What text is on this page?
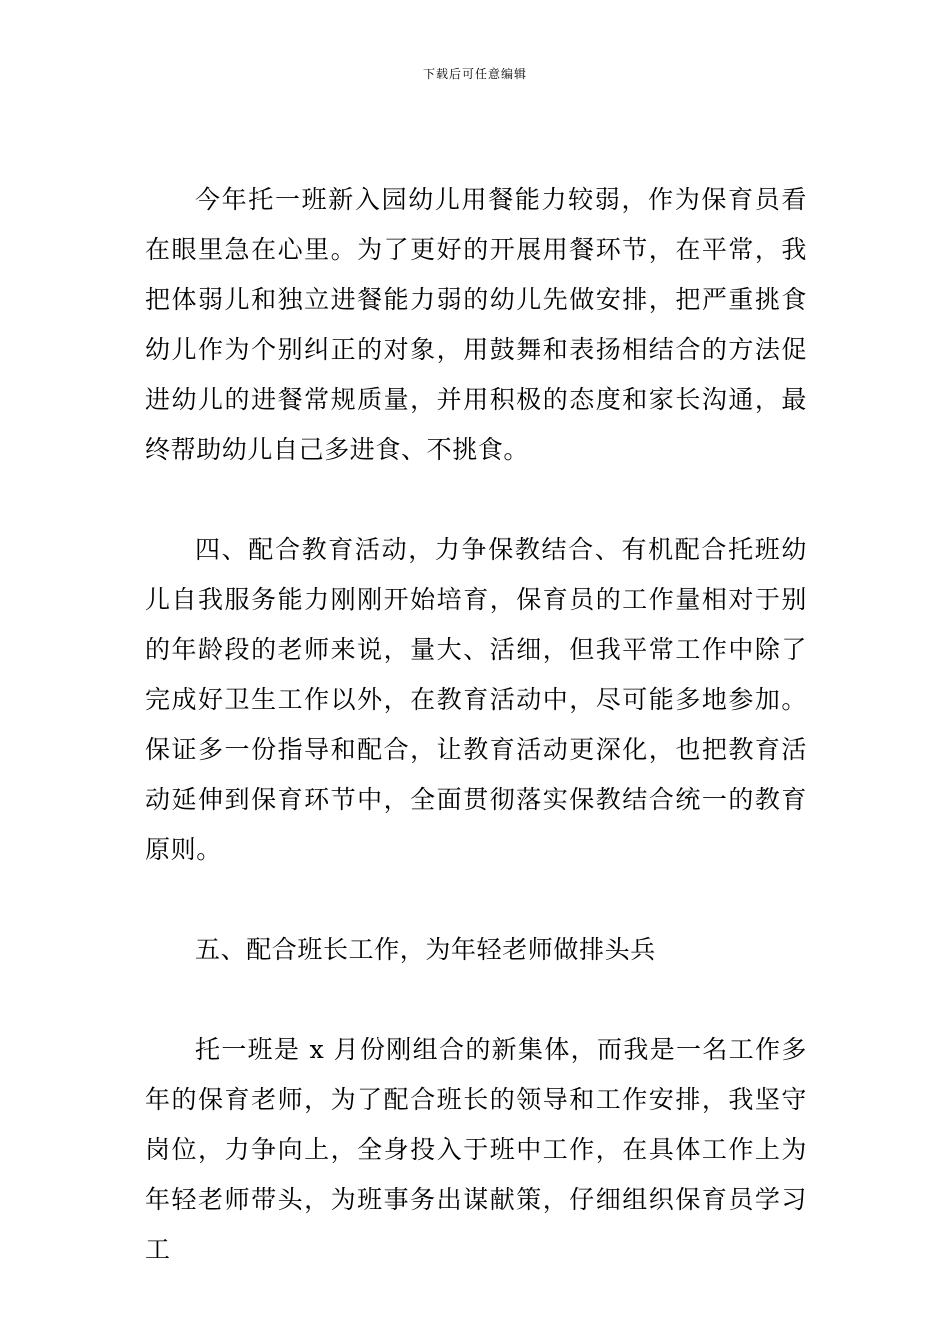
下载后可任意编辑

今年托一班新入园幼儿用餐能力较弱，作为保育员看在眼里急在心里。为了更好的开展用餐环节，在平常，我把体弱儿和独立进餐能力弱的幼儿先做安排，把严重挑食幼儿作为个别纠正的对象，用鼓舞和表扬相结合的方法促进幼儿的进餐常规质量，并用积极的态度和家长沟通，最终帮助幼儿自己多进食、不挑食。

四、配合教育活动，力争保教结合、有机配合托班幼儿自我服务能力刚刚开始培育，保育员的工作量相对于别的年龄段的老师来说，量大、活细，但我平常工作中除了完成好卫生工作以外，在教育活动中，尽可能多地参加。保证多一份指导和配合，让教育活动更深化，也把教育活动延伸到保育环节中，全面贯彻落实保教结合统一的教育原则。

五、配合班长工作，为年轻老师做排头兵

托一班是 x 月份刚组合的新集体，而我是一名工作多年的保育老师，为了配合班长的领导和工作安排，我坚守岗位，力争向上，全身投入于班中工作，在具体工作上为年轻老师带头，为班事务出谋献策，仔细组织保育员学习工
